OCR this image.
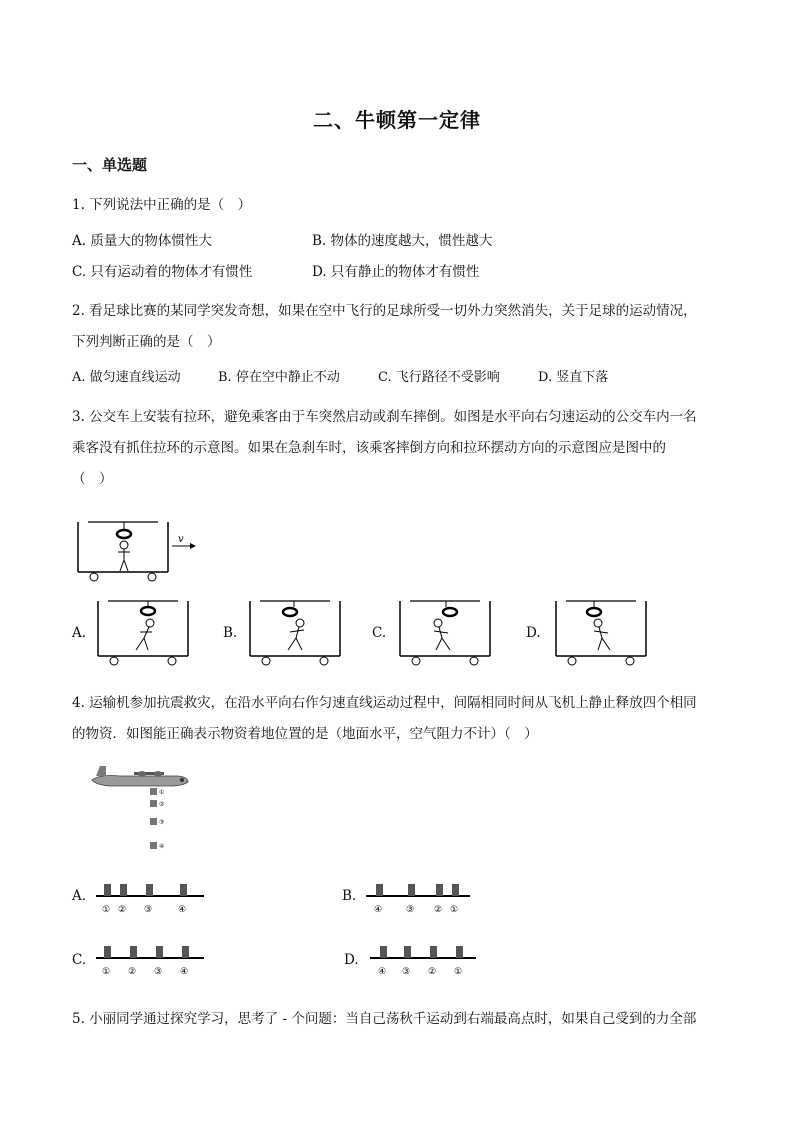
二、牛顿第一定律
一、单选题
1. 下列说法中正确的是（　）
A. 质量大的物体惯性大	B. 物体的速度越大，惯性越大
C. 只有运动着的物体才有惯性	D. 只有静止的物体才有惯性
2. 看足球比赛的某同学突发奇想，如果在空中飞行的足球所受一切外力突然消失，关于足球的运动情况，
下列判断正确的是（　）
A. 做匀速直线运动	B. 停在空中静止不动	C. 飞行路径不受影响	D. 竖直下落
3. 公交车上安装有拉环，避免乘客由于车突然启动或刹车摔倒。如图是水平向右匀速运动的公交车内一名
乘客没有抓住拉环的示意图。如果在急刹车时，该乘客摔倒方向和拉环摆动方向的示意图应是图中的
（　）
v
A.	B.	C.	D.
4. 运输机参加抗震救灾，在沿水平向右作匀速直线运动过程中，间隔相同时间从飞机上静止释放四个相同
的物资．如图能正确表示物资着地位置的是（地面水平，空气阻力不计）（　）
①
②
③
④
A.
① ② ③	④
B.
④	③ ② ①
C.
① ② ③ ④
D.
④ ③ ② ①
5. 小丽同学通过探究学习，思考了 - 个问题：当自己荡秋千运动到右端最高点时，如果自己受到的力全部
